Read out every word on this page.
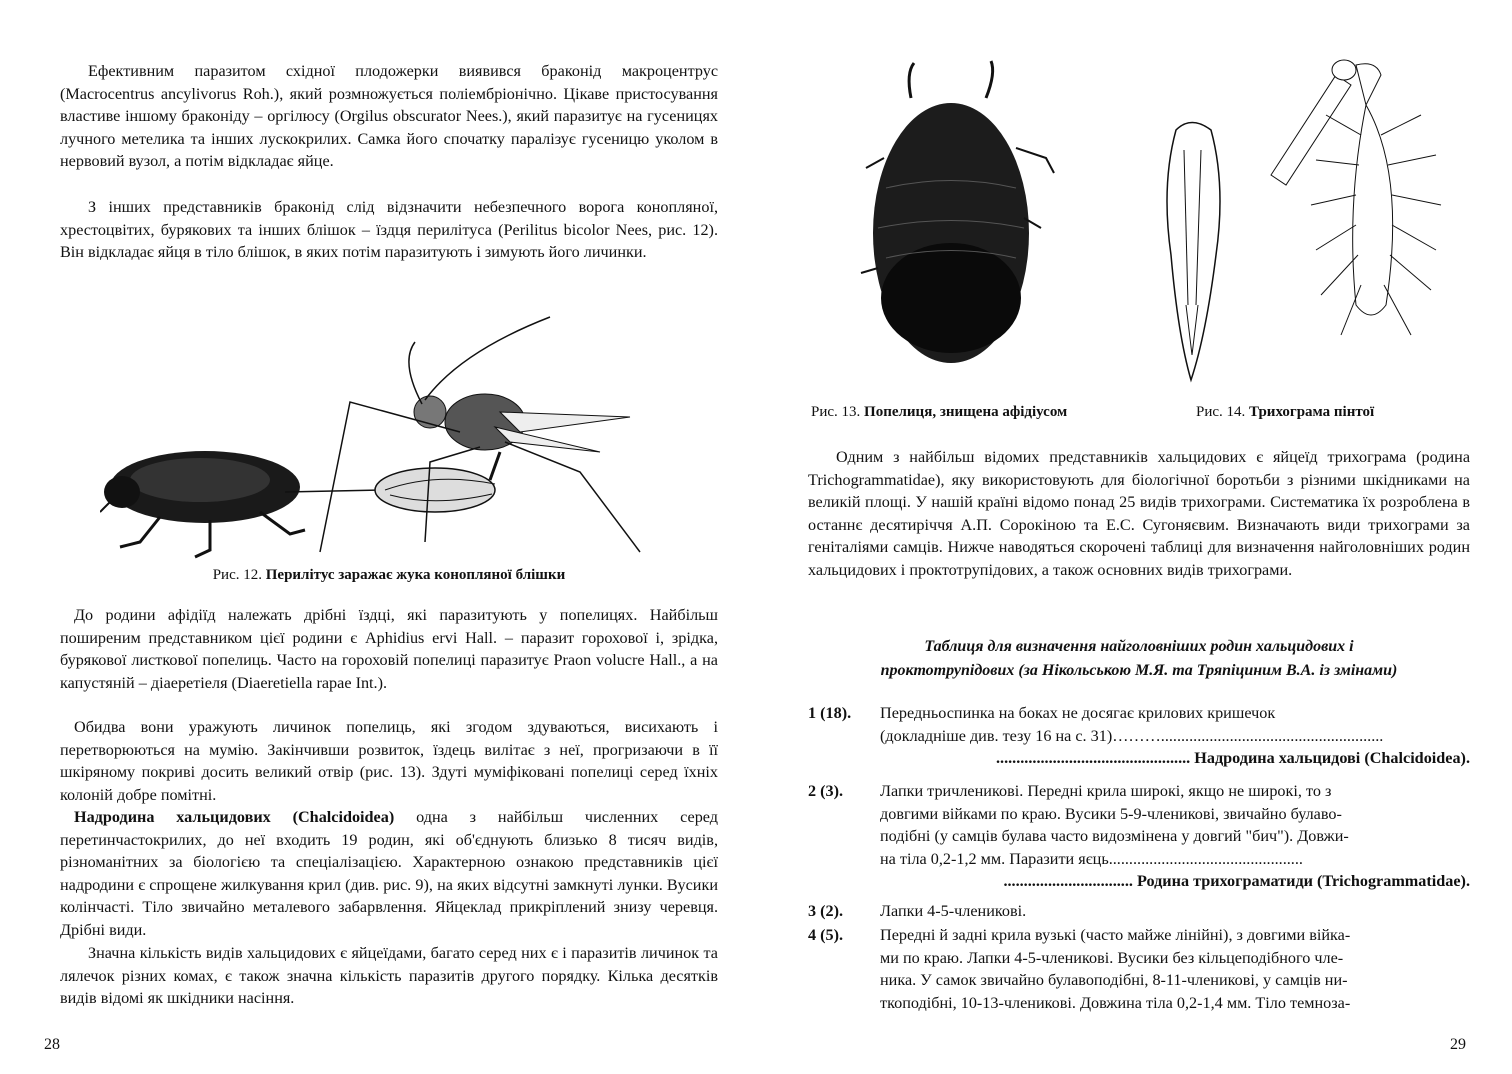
Ефективним паразитом східної плодожерки виявився браконід макроцентрус (Macrocentrus ancylivorus Roh.), який розмножується поліембріонічно. Цікаве пристосування властиве іншому браконіду – оргілюсу (Orgilus obscurator Nees.), який паразитує на гусеницях лучного метелика та інших лускокрилих. Самка його спочатку паралізує гусеницю уколом в нервовий вузол, а потім відкладає яйце.

З інших представників браконід слід відзначити небезпечного ворога конопляної, хрестоцвітих, бурякових та інших блішок – їздця перилітуса (Perilitus bicolor Nees, рис. 12). Він відкладає яйця в тіло блішок, в яких потім паразитують і зимують його личинки.

Рис. 12. Перилітус заражає жука коноплянoї блішки

До родини афідіїд належать дрібні їздці, які паразитують у попелицях. Найбільш поширеним представником цієї родини є Aphidius ervi Hall. – паразит горохової і, зрідка, бурякової листкової попелиць. Часто на гороховій попелиці паразитує Praon volucre Hall., а на капустяній – діаеретіеля (Diaeretiella rapae Int.).

Обидва вони уражують личинок попелиць, які згодом здуваються, висихають і перетворюються на мумію. Закінчивши розвиток, їздець вилітає з неї, прогризаючи в її шкіряному покриві досить великий отвір (рис. 13). Здуті муміфіковані попелиці серед їхніх колоній добре помітні.

Надродина хальцидових (Chalcidoidea) одна з найбільш численних серед перетинчастокрилих, до неї входить 19 родин, які об'єднують близько 8 тисяч видів, різноманітних за біологією та спеціалізацією. Характерною ознакою представників цієї надродини є спрощене жилкування крил (див. рис. 9), на яких відсутні замкнуті лунки. Вусики колінчасті. Тіло звичайно металевого забарвлення. Яйцеклад прикріплений знизу черевця. Дрібні види.

Значна кількість видів хальцидових є яйцеїдами, багато серед них є і паразитів личинок та лялечок різних комах, є також значна кількість паразитів другого порядку. Кілька десятків видів відомі як шкідники насіння.

28
Рис. 13. Попелиця, знищена афідіусом	Рис. 14. Трихограма пінтої

Одним з найбільш відомих представників хальцидових є яйцеїд трихограма (родина Trichogrammatidae), яку використовують для біологічної боротьби з різними шкідниками на великій площі. У нашій країні відомо понад 25 видів трихограми. Систематика їх розроблена в останнє десятиріччя А.П. Сорокіною та Е.С. Сугоняєвим. Визначають види трихограми за геніталіями самців. Нижче наводяться скорочені таблиці для визначення найголовніших родин хальцидових і проктотрупідових, а також основних видів трихограми.

Таблиця для визначення найголовніших родин хальцидових і
проктотрупідових (за Нікольською М.Я. та Тряпіциним В.А. із змінами)
1 (18). Передньоспинка на боках не досягає крилових кришечок
(докладніше див. тезу 16 на с. 31)……….......................................................
................................................ Надродина хальцидові (Chalcidoidea).
2 (3). Лапки тричленикові. Передні крила широкі, якщо не широкі, то з
довгими війками по краю. Вусики 5-9-членикові, звичайно булаво-
подібні (у самців булава часто видозмінена у довгий "бич"). Довжи-
на тіла 0,2-1,2 мм. Паразити яєць................................................
................................ Родина трихограматиди (Trichogrammatidae).
3 (2). Лапки 4-5-членикові.
4 (5). Передні й задні крила вузькі (часто майже лінійні), з довгими війка-
ми по краю. Лапки 4-5-членикові. Вусики без кільцеподібного чле-
ника. У самок звичайно булавоподібні, 8-11-членикові, у самців ни-
ткоподібні, 10-13-членикові. Довжина тіла 0,2-1,4 мм. Тіло темноза-
29
